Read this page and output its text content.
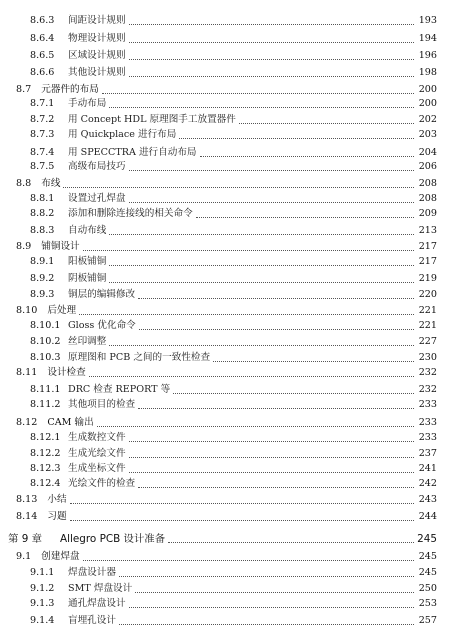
8.6.3	间距设计规则	193
8.6.4	物理设计规则	194
8.6.5	区域设计规则	196
8.6.6	其他设计规则	198
8.7 元器件的布局	200
8.7.1	手动布局	200
8.7.2	用 Concept HDL 原理图手工放置器件	202
8.7.3	用 Quickplace 进行布局	203
8.7.4	用 SPECCTRA 进行自动布局	204
8.7.5	高级布局技巧	206
8.8 布线	208
8.8.1	设置过孔焊盘	208
8.8.2	添加和删除连接线的相关命令	209
8.8.3	自动布线	213
8.9 铺铜设计	217
8.9.1	阳板铺铜	217
8.9.2	阴板铺铜	219
8.9.3	铜层的编辑修改	220
8.10 后处理	221
8.10.1 Gloss 优化命令	221
8.10.2 丝印调整	227
8.10.3 原理图和 PCB 之间的一致性检查	230
8.11 设计检查	232
8.11.1 DRC 检查 REPORT 等	232
8.11.2 其他项目的检查	233
8.12 CAM 输出	233
8.12.1 生成数控文件	233
8.12.2 生成光绘文件	237
8.12.3 生成坐标文件	241
8.12.4 光绘文件的检查	242
8.13 小结	243
8.14 习题	244
第 9 章 Allegro PCB 设计准备	245
9.1 创建焊盘	245
9.1.1	焊盘设计器	245
9.1.2	SMT 焊盘设计	250
9.1.3	通孔焊盘设计	253
9.1.4	盲埋孔设计	257
